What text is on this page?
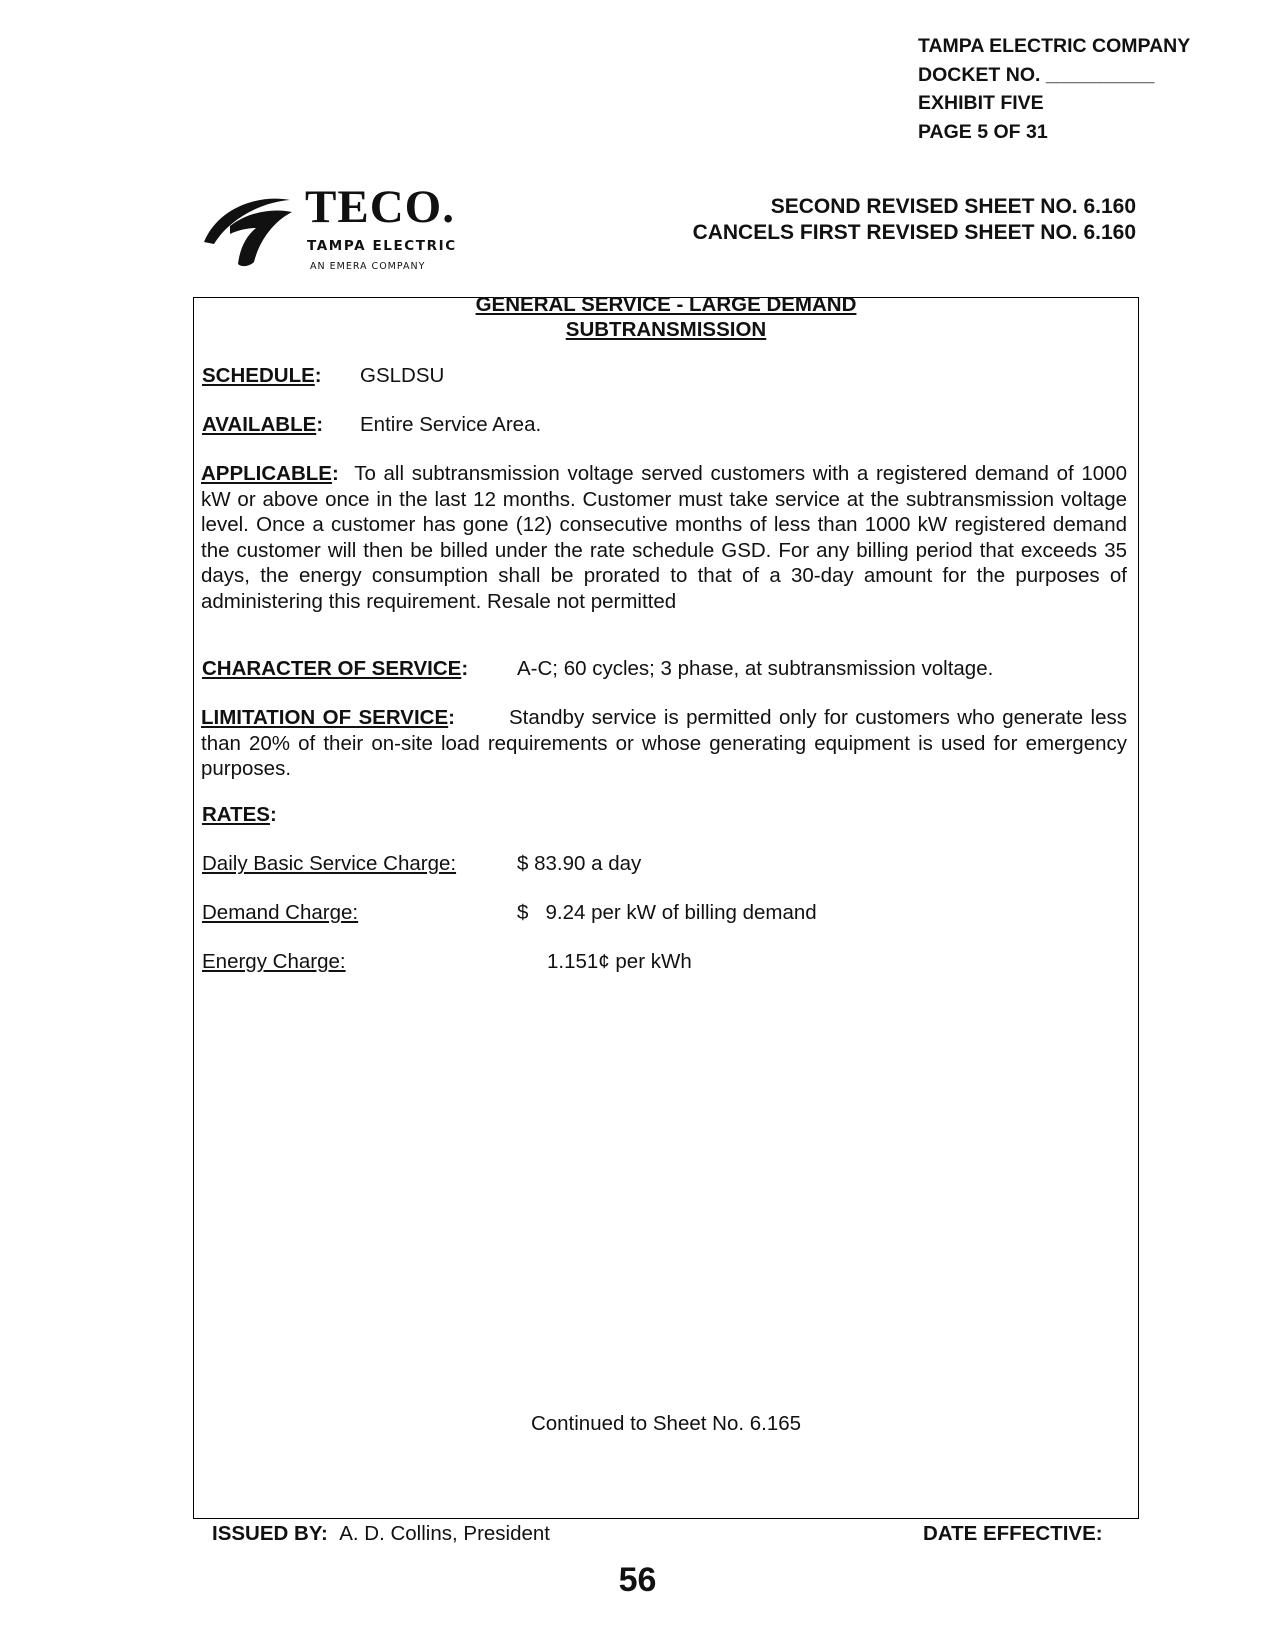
TAMPA ELECTRIC COMPANY
DOCKET NO. __________
EXHIBIT FIVE
PAGE 5 OF 31
TECO.
TAMPA ELECTRIC
AN EMERA COMPANY
SECOND REVISED SHEET NO. 6.160
CANCELS FIRST REVISED SHEET NO. 6.160
GENERAL SERVICE - LARGE DEMAND
SUBTRANSMISSION
SCHEDULE: GSLDSU
AVAILABLE: Entire Service Area.
APPLICABLE: To all subtransmission voltage served customers with a registered demand of 1000 kW or above once in the last 12 months. Customer must take service at the subtransmission voltage level. Once a customer has gone (12) consecutive months of less than 1000 kW registered demand the customer will then be billed under the rate schedule GSD. For any billing period that exceeds 35 days, the energy consumption shall be prorated to that of a 30-day amount for the purposes of administering this requirement. Resale not permitted
CHARACTER OF SERVICE: A-C; 60 cycles; 3 phase, at subtransmission voltage.
LIMITATION OF SERVICE:	Standby service is permitted only for customers who generate less than 20% of their on-site load requirements or whose generating equipment is used for emergency purposes.
RATES:
Daily Basic Service Charge:	$ 83.90 a day
Demand Charge:	$   9.24 per kW of billing demand
Energy Charge:	1.151¢ per kWh
Continued to Sheet No. 6.165
ISSUED BY: A. D. Collins, President	DATE EFFECTIVE:
56
